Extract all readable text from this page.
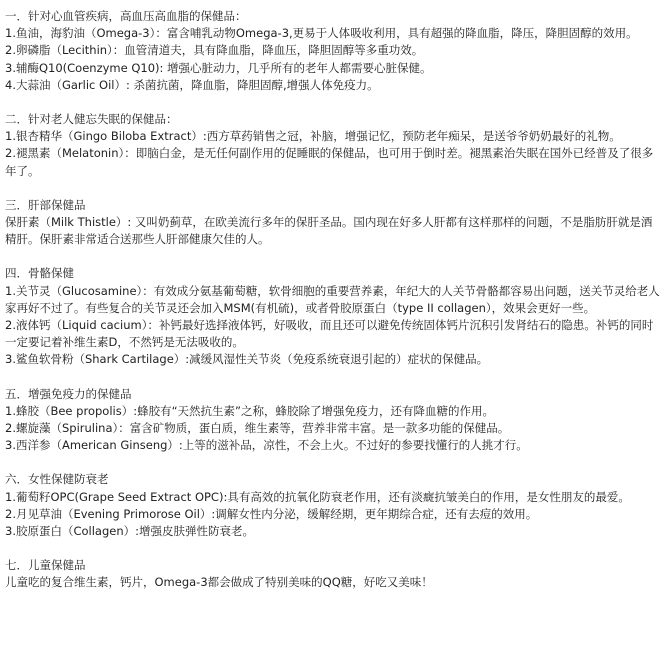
一．针对心血管疾病，高血压高血脂的保健品：

1.鱼油，海豹油（Omega-3）：富含哺乳动物Omega-3,更易于人体吸收利用，具有超强的降血脂，降压，降胆固醇的效用。

2.卵磷脂（Lecithin）：血管清道夫，具有降血脂，降血压，降胆固醇等多重功效。

3.辅酶Q10(Coenzyme Q10): 增强心脏动力，几乎所有的老年人都需要心脏保健。

4.大蒜油（Garlic Oil）: 杀菌抗菌，降血脂，降胆固醇,增强人体免疫力。

二．针对老人健忘失眠的保健品：

1.银杏精华（Gingo Biloba Extract）:西方草药销售之冠，补脑，增强记忆，预防老年痴呆，是送爷爷奶奶最好的礼物。

2.褪黑素（Melatonin）：即脑白金，是无任何副作用的促睡眠的保健品，也可用于倒时差。褪黑素治失眠在国外已经普及了很多年了。

三．肝部保健品

保肝素（Milk Thistle）: 又叫奶蓟草，在欧美流行多年的保肝圣品。国内现在好多人肝都有这样那样的问题，不是脂肪肝就是酒精肝。保肝素非常适合送那些人肝部健康欠佳的人。

四．骨骼保健

1.关节灵（Glucosamine）：有效成分氨基葡萄糖，软骨细胞的重要营养素，年纪大的人关节骨骼都容易出问题，送关节灵给老人家再好不过了。有些复合的关节灵还会加入MSM(有机硫)，或者骨胶原蛋白（type II collagen），效果会更好一些。

2.液体钙（Liquid cacium）：补钙最好选择液体钙，好吸收，而且还可以避免传统固体钙片沉积引发肾结石的隐患。补钙的同时一定要记着补维生素D，不然钙是无法吸收的。

3.鲨鱼软骨粉（Shark Cartilage）:减缓风湿性关节炎（免疫系统衰退引起的）症状的保健品。

五．增强免疫力的保健品

1.蜂胶（Bee propolis）:蜂胶有“天然抗生素”之称，蜂胶除了增强免疫力，还有降血糖的作用。

2.螺旋藻（Spirulina）：富含矿物质，蛋白质，维生素等，营养非常丰富。是一款多功能的保健品。

3.西洋参（American Ginseng）:上等的滋补品，凉性，不会上火。不过好的参要找懂行的人挑才行。

六．女性保健防衰老

1.葡萄籽OPC(Grape Seed Extract OPC):具有高效的抗氧化防衰老作用，还有淡癍抗皱美白的作用，是女性朋友的最爱。

2.月见草油（Evening Primorose Oil）:调解女性内分泌，缓解经期，更年期综合症，还有去痘的效用。

3.胶原蛋白（Collagen）:增强皮肤弹性防衰老。

七．儿童保健品

儿童吃的复合维生素，钙片，Omega-3都会做成了特别美味的QQ糖，好吃又美味！
